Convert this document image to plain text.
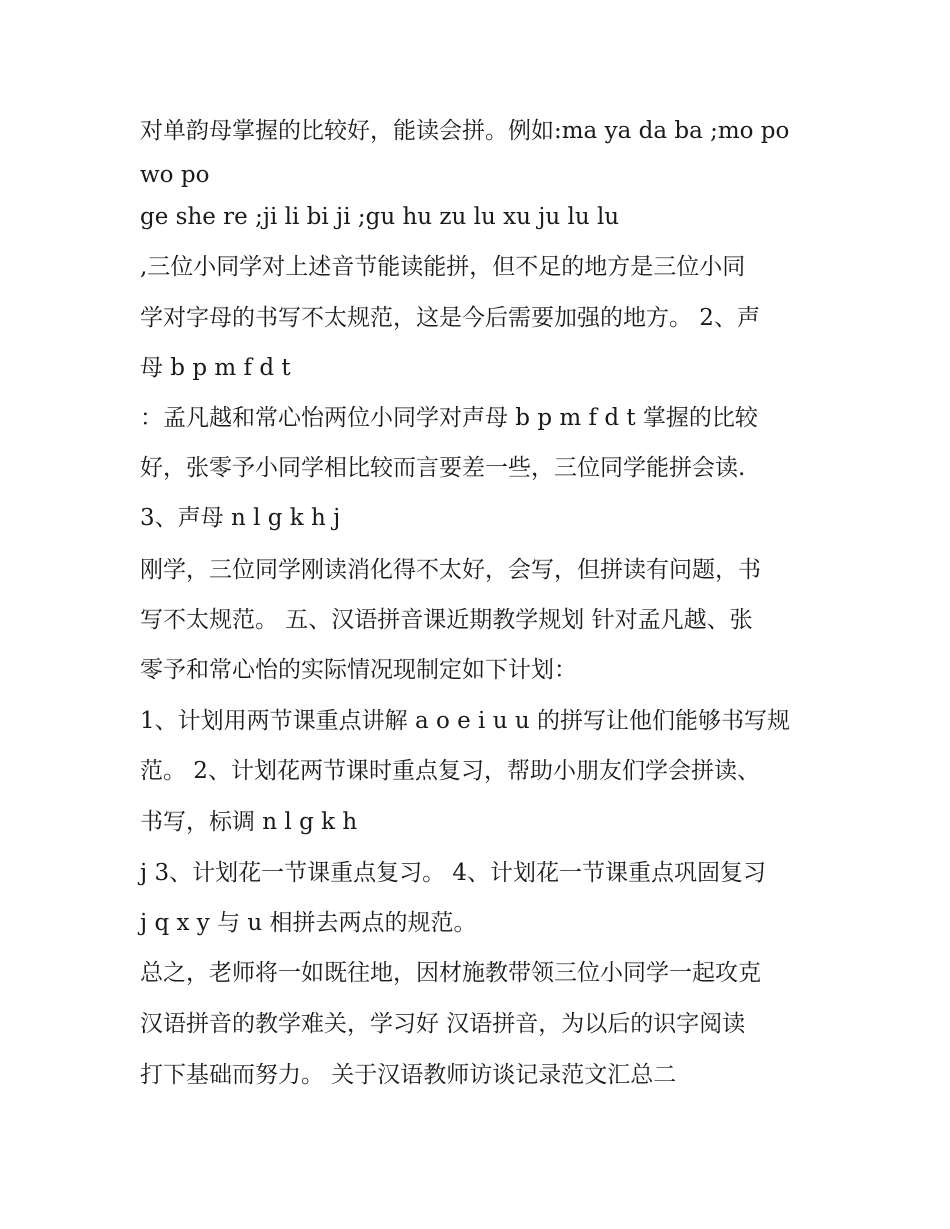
对单韵母掌握的比较好，能读会拼。例如:ma ya da ba ;mo po
wo po
ge she re ;ji li bi ji ;gu hu zu lu xu ju lu lu
,三位小同学对上述音节能读能拼，但不足的地方是三位小同
学对字母的书写不太规范，这是今后需要加强的地方。 2、声
母 b p m f d t
：孟凡越和常心怡两位小同学对声母 b p m f d t 掌握的比较
好，张零予小同学相比较而言要差一些，三位同学能拼会读.
3、声母 n l g k h j
刚学，三位同学刚读消化得不太好，会写，但拼读有问题，书
写不太规范。 五、汉语拼音课近期教学规划 针对孟凡越、张
零予和常心怡的实际情况现制定如下计划：
1、计划用两节课重点讲解 a o e i u u 的拼写让他们能够书写规
范。 2、计划花两节课时重点复习，帮助小朋友们学会拼读、
书写，标调 n l g k h
j 3、计划花一节课重点复习。 4、计划花一节课重点巩固复习
j q x y 与 u 相拼去两点的规范。
总之，老师将一如既往地，因材施教带领三位小同学一起攻克
汉语拼音的教学难关，学习好 汉语拼音，为以后的识字阅读
打下基础而努力。 关于汉语教师访谈记录范文汇总二
